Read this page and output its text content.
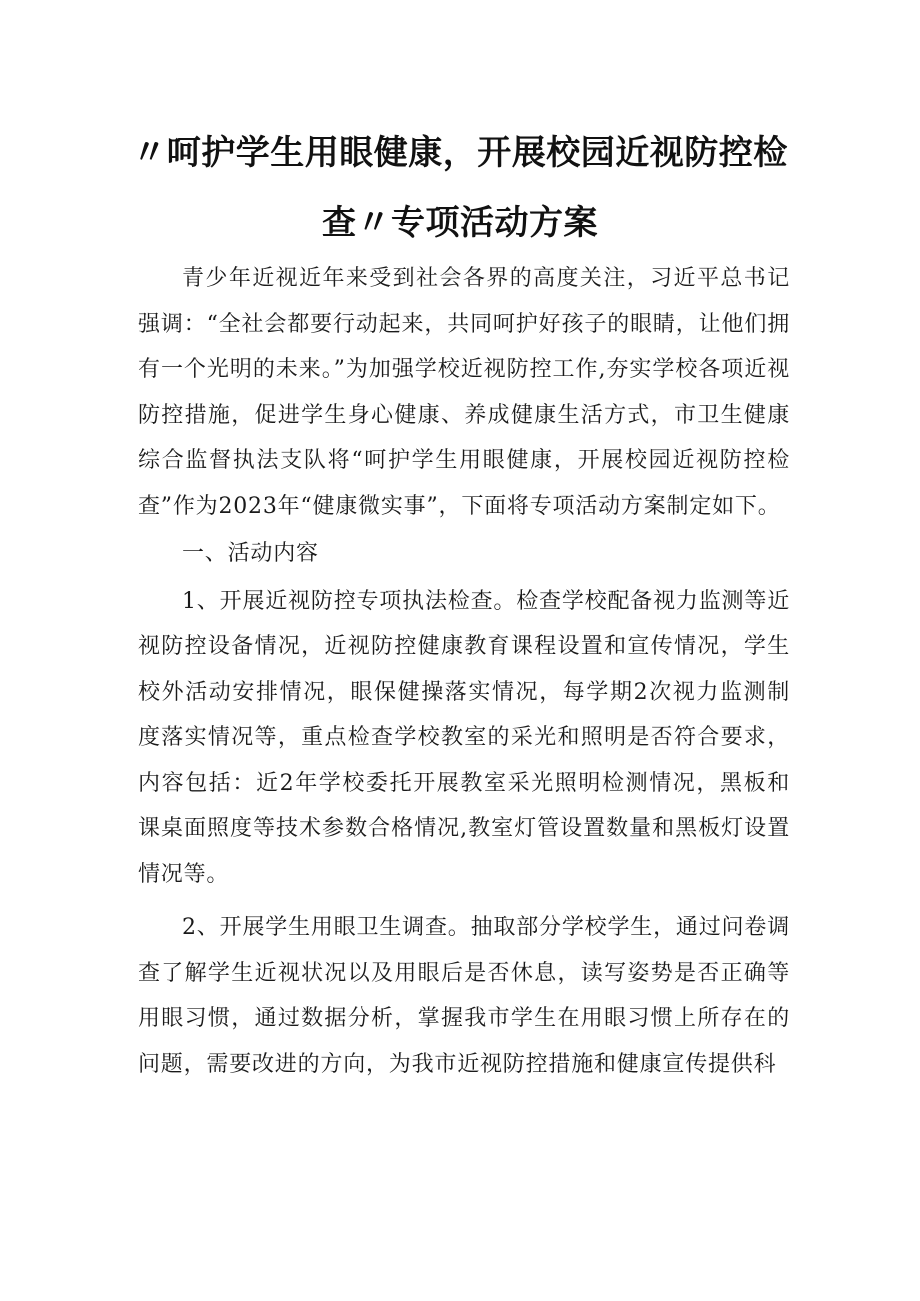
〃呵护学生用眼健康，开展校园近视防控检
查〃专项活动方案

青少年近视近年来受到社会各界的高度关注，习近平总书记强调：“全社会都要行动起来，共同呵护好孩子的眼睛，让他们拥有一个光明的未来。”为加强学校近视防控工作,夯实学校各项近视防控措施，促进学生身心健康、养成健康生活方式，市卫生健康综合监督执法支队将“呵护学生用眼健康，开展校园近视防控检查”作为2023年“健康微实事”，下面将专项活动方案制定如下。

一、活动内容

1、开展近视防控专项执法检查。检查学校配备视力监测等近视防控设备情况，近视防控健康教育课程设置和宣传情况，学生校外活动安排情况，眼保健操落实情况，每学期2次视力监测制度落实情况等，重点检查学校教室的采光和照明是否符合要求，内容包括：近2年学校委托开展教室采光照明检测情况，黑板和课桌面照度等技术参数合格情况,教室灯管设置数量和黑板灯设置情况等。

2、开展学生用眼卫生调查。抽取部分学校学生，通过问卷调查了解学生近视状况以及用眼后是否休息，读写姿势是否正确等用眼习惯，通过数据分析，掌握我市学生在用眼习惯上所存在的问题，需要改进的方向，为我市近视防控措施和健康宣传提供科
